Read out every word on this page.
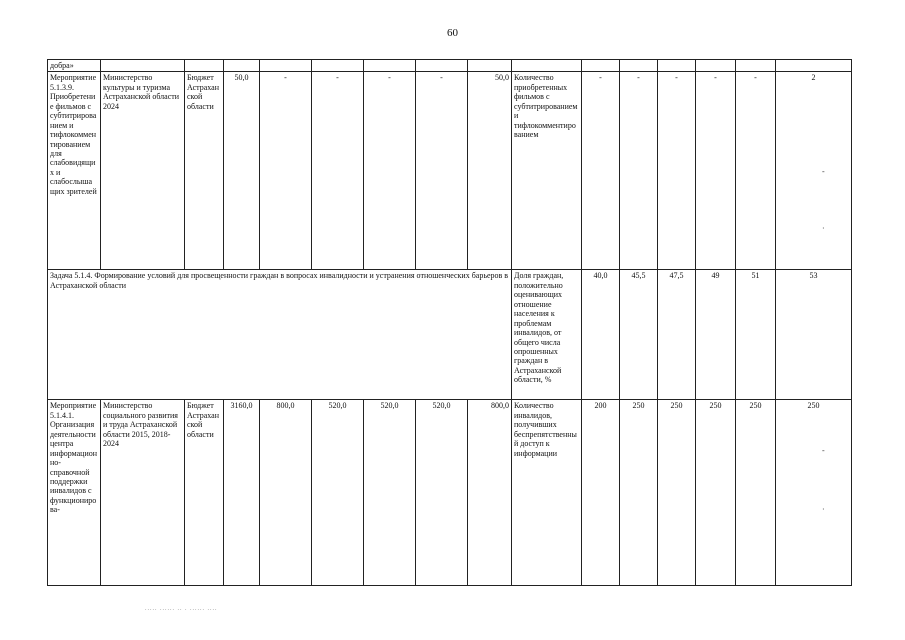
60
добра»															
Мероприятие 5.1.3.9. Приобретение фильмов с субтитрированием и тифлокомментированием для слабовидящих и слабослышащих зрителей	Министерство культуры и туризма Астраханской области 2024	Бюджет Астраханской области	50,0	-	-	-	-	50,0	Количество приобретенных фильмов с субтитрированием и тифлокомментированием	-	-	-	-	-	2
-
·

Задача 5.1.4. Формирование условий для просвещенности граждан в вопросах инвалидности и устранения отношенческих барьеров в Астраханской области									Доля граждан, положительно оценивающих отношение населения к проблемам инвалидов, от общего числа опрошенных граждан в Астраханской области, %	40,0	45,5	47,5	49	51	53
Мероприятие 5.1.4.1. Организация деятельности центра информационно-справочной поддержки инвалидов с функционирова-	Министерство социального развития и труда Астраханской области 2015, 2018-2024	Бюджет Астраханской области	3160,0	800,0	520,0	520,0	520,0	800,0	Количество инвалидов, получивших беспрепятственный доступ к информации	200	250	250	250	250	250
-
·
..... ...... .. . ...... ....
